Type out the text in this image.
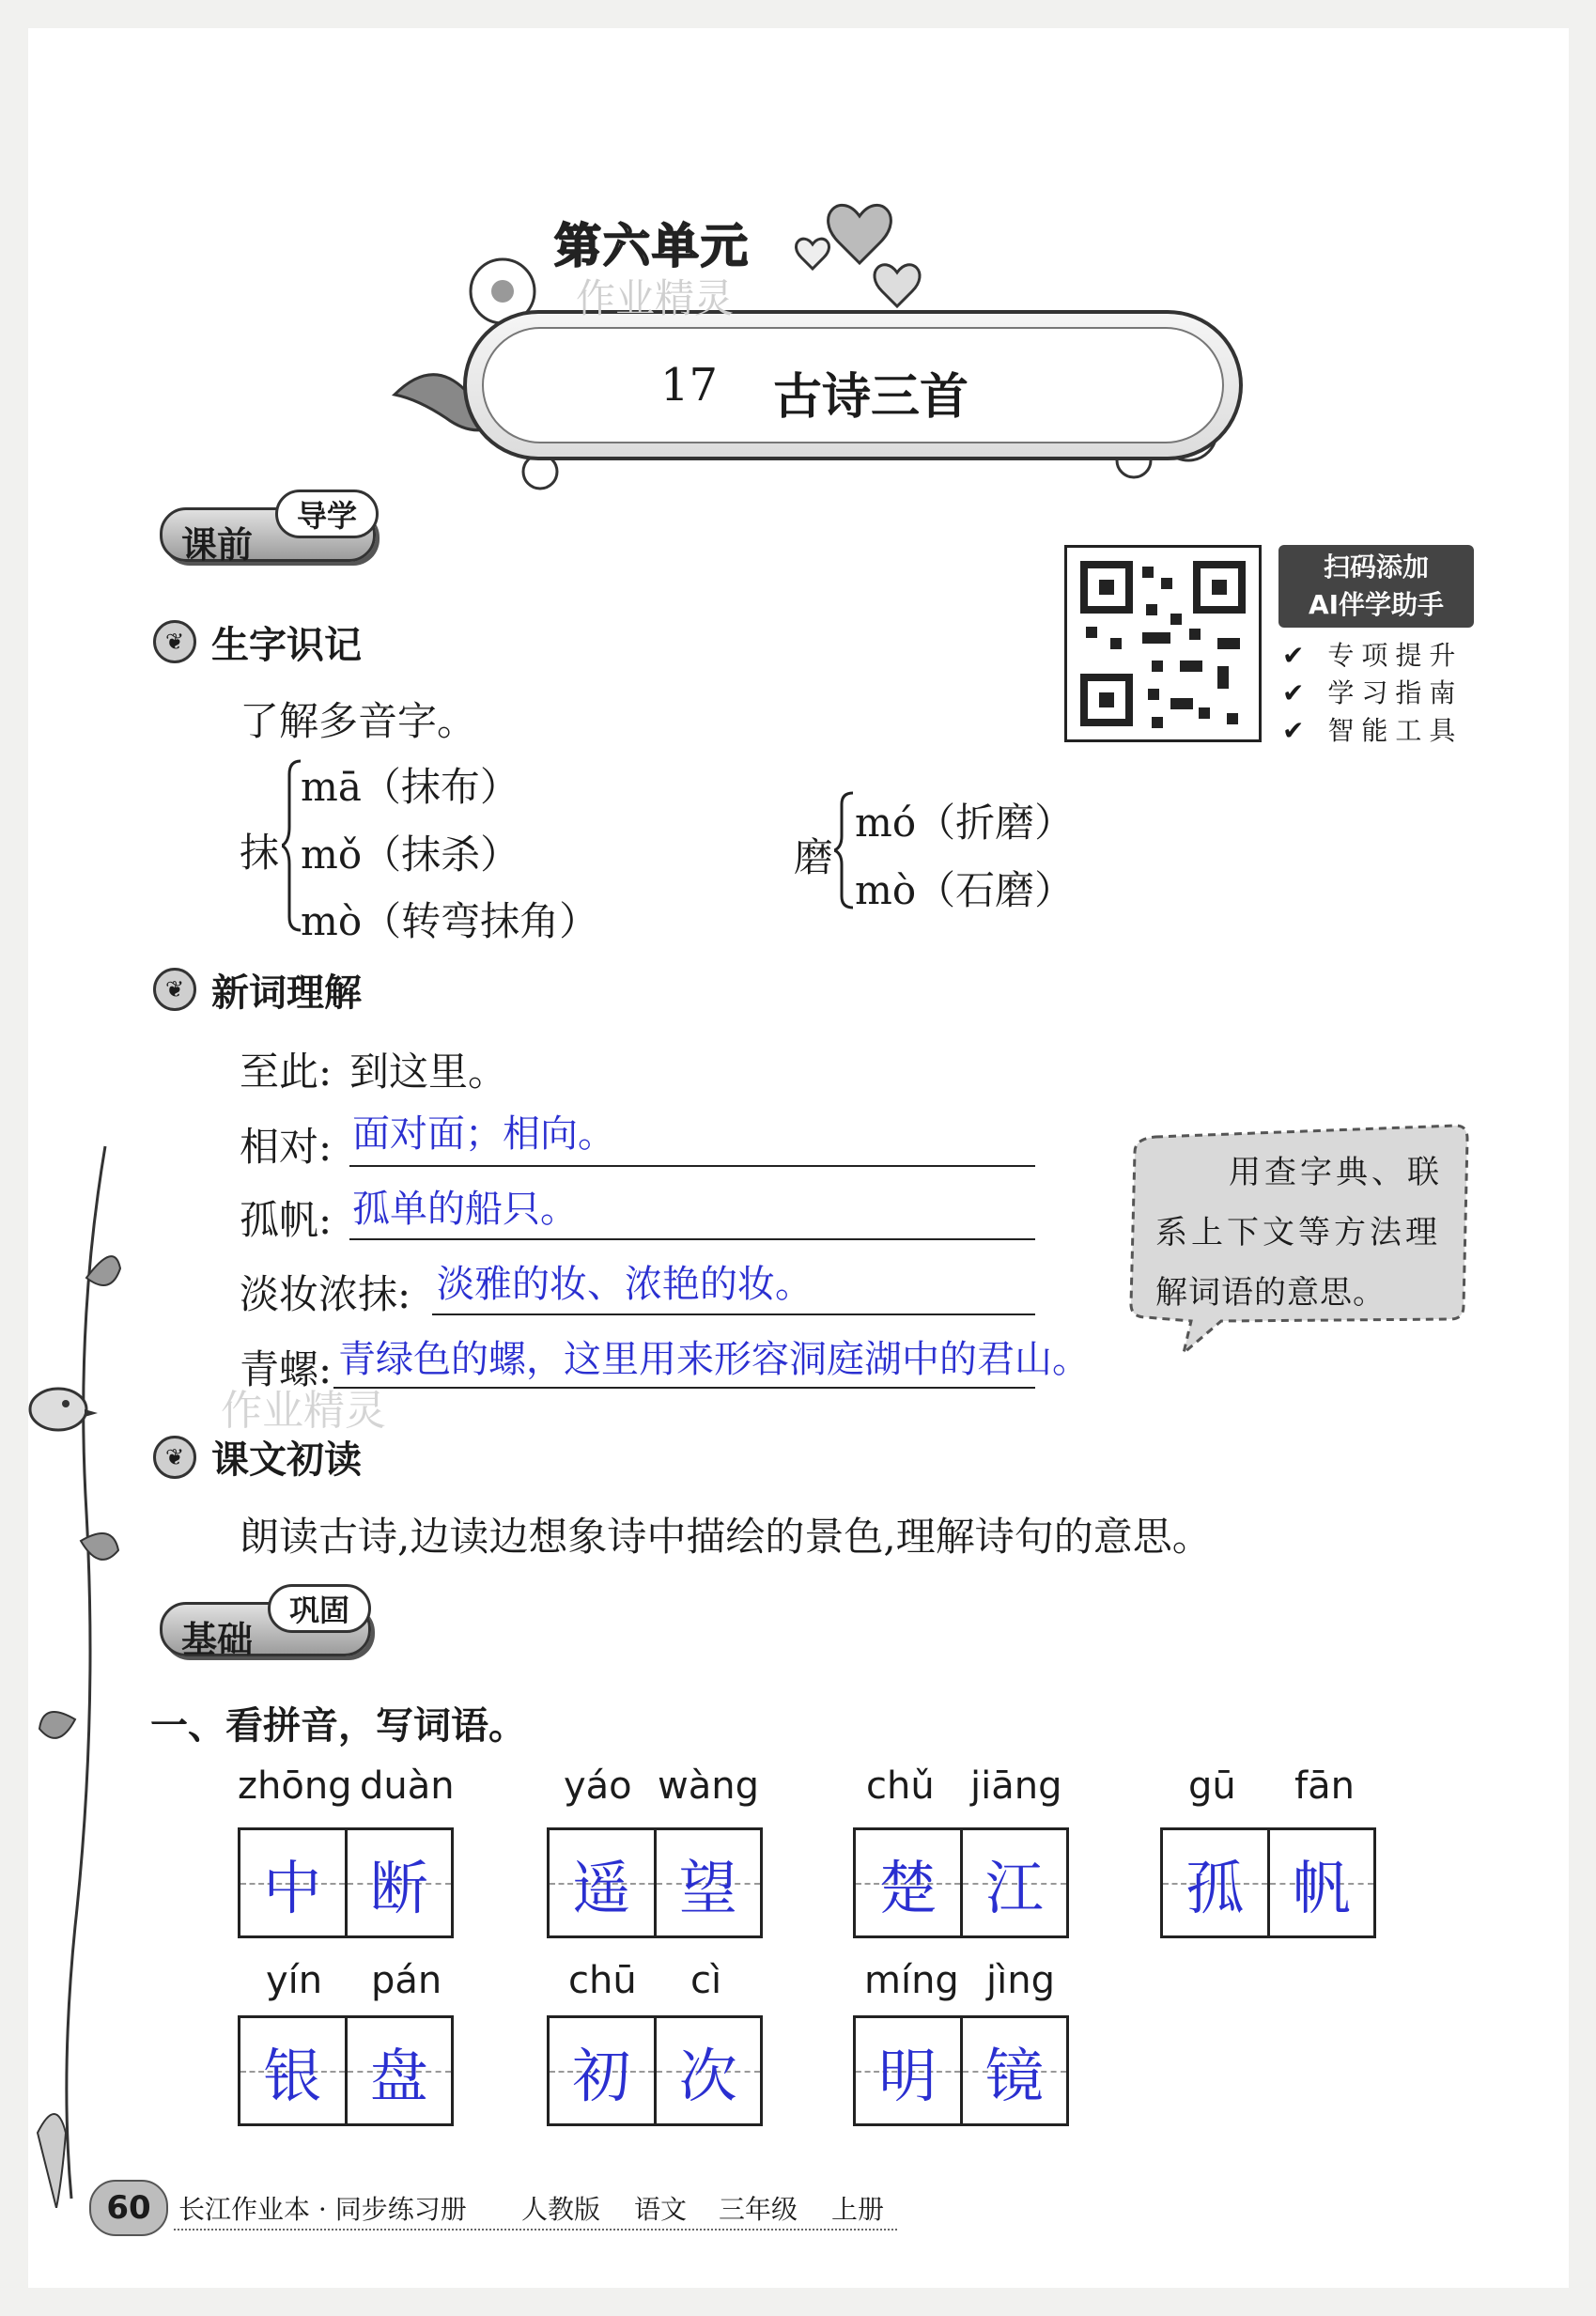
17 古诗三首
第六单元
作业精灵
课前
导学
扫码添加
AI伴学助手
✔ 专项提升
✔ 学习指南
✔ 智能工具
❦ 生字识记
了解多音字。
抹
mā（抹布）
mǒ（抹杀）
mò（转弯抹角）
磨
mó（折磨）
mò（石磨）
❦ 新词理解
至此: 到这里。
相对: 面对面；相向。
孤帆: 孤单的船只。
淡妆浓抹: 淡雅的妆、浓艳的妆。
青螺: 青绿色的螺，这里用来形容洞庭湖中的君山。
用查字典、联
系上下文等方法理
解词语的意思。
作业精灵
❦ 课文初读
朗读古诗,边读边想象诗中描绘的景色,理解诗句的意思。
基础
巩固
一、看拼音，写词语。
zhōng duàn
中 断
yáo wàng
遥 望
chǔ jiāng
楚 江
gū fān
孤 帆
yín pán
银 盘
chū cì
初 次
míng jìng
明 镜
60 长江作业本 · 同步练习册 人教版 语文 三年级 上册
